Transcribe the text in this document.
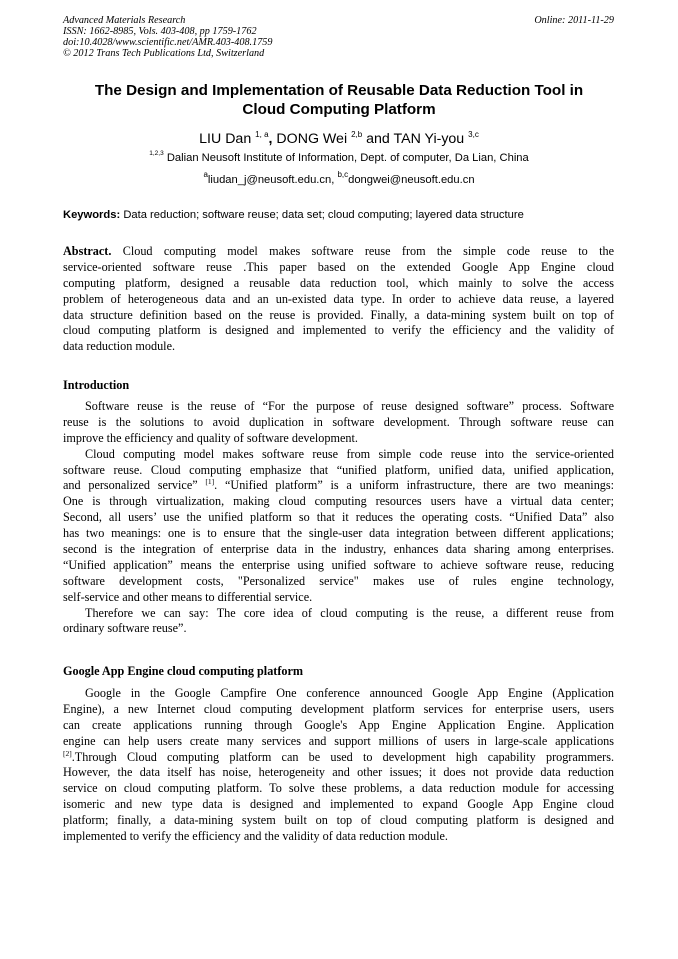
Advanced Materials Research
ISSN: 1662-8985, Vols. 403-408, pp 1759-1762
doi:10.4028/www.scientific.net/AMR.403-408.1759
© 2012 Trans Tech Publications Ltd, Switzerland
Online: 2011-11-29
The Design and Implementation of Reusable Data Reduction Tool in
Cloud Computing Platform
LIU Dan $^{1, a}$, DONG Wei $^{2,b}$ and TAN Yi-you $^{3,c}$
$^{1,2,3}$ Dalian Neusoft Institute of Information, Dept. of computer, Da Lian, China
$^a$liudan_j@neusoft.edu.cn, $^{b,c}$dongwei@neusoft.edu.cn
Keywords: Data reduction; software reuse; data set; cloud computing; layered data structure
Abstract. Cloud computing model makes software reuse from the simple code reuse to the
service-oriented software reuse .This paper based on the extended Google App Engine cloud
computing platform, designed a reusable data reduction tool, which mainly to solve the access
problem of heterogeneous data and an un-existed data type. In order to achieve data reuse, a layered
data structure definition based on the reuse is provided. Finally, a data-mining system built on top of
cloud computing platform is designed and implemented to verify the efficiency and the validity of
data reduction module.
Introduction
Software reuse is the reuse of “For the purpose of reuse designed software” process. Software
reuse is the solutions to avoid duplication in software development. Through software reuse can
improve the efficiency and quality of software development.
Cloud computing model makes software reuse from simple code reuse into the service-oriented
software reuse. Cloud computing emphasize that “unified platform, unified data, unified application,
and personalized service” [1]. “Unified platform” is a uniform infrastructure, there are two meanings:
One is through virtualization, making cloud computing resources users have a virtual data center;
Second, all users’ use the unified platform so that it reduces the operating costs. “Unified Data” also
has two meanings: one is to ensure that the single-user data integration between different applications;
second is the integration of enterprise data in the industry, enhances data sharing among enterprises.
“Unified application” means the enterprise using unified software to achieve software reuse, reducing
software development costs, "Personalized service" makes use of rules engine technology,
self-service and other means to differential service.
Therefore we can say: The core idea of cloud computing is the reuse, a different reuse from
ordinary software reuse”.
Google App Engine cloud computing platform
Google in the Google Campfire One conference announced Google App Engine (Application
Engine), a new Internet cloud computing development platform services for enterprise users, users
can create applications running through Google's App Engine Application Engine. Application
engine can help users create many services and support millions of users in large-scale applications
[2].Through Cloud computing platform can be used to development high capability programmers.
However, the data itself has noise, heterogeneity and other issues; it does not provide data reduction
service on cloud computing platform. To solve these problems, a data reduction module for accessing
isomeric and new type data is designed and implemented to expand Google App Engine cloud
platform; finally, a data-mining system built on top of cloud computing platform is designed and
implemented to verify the efficiency and the validity of data reduction module.
